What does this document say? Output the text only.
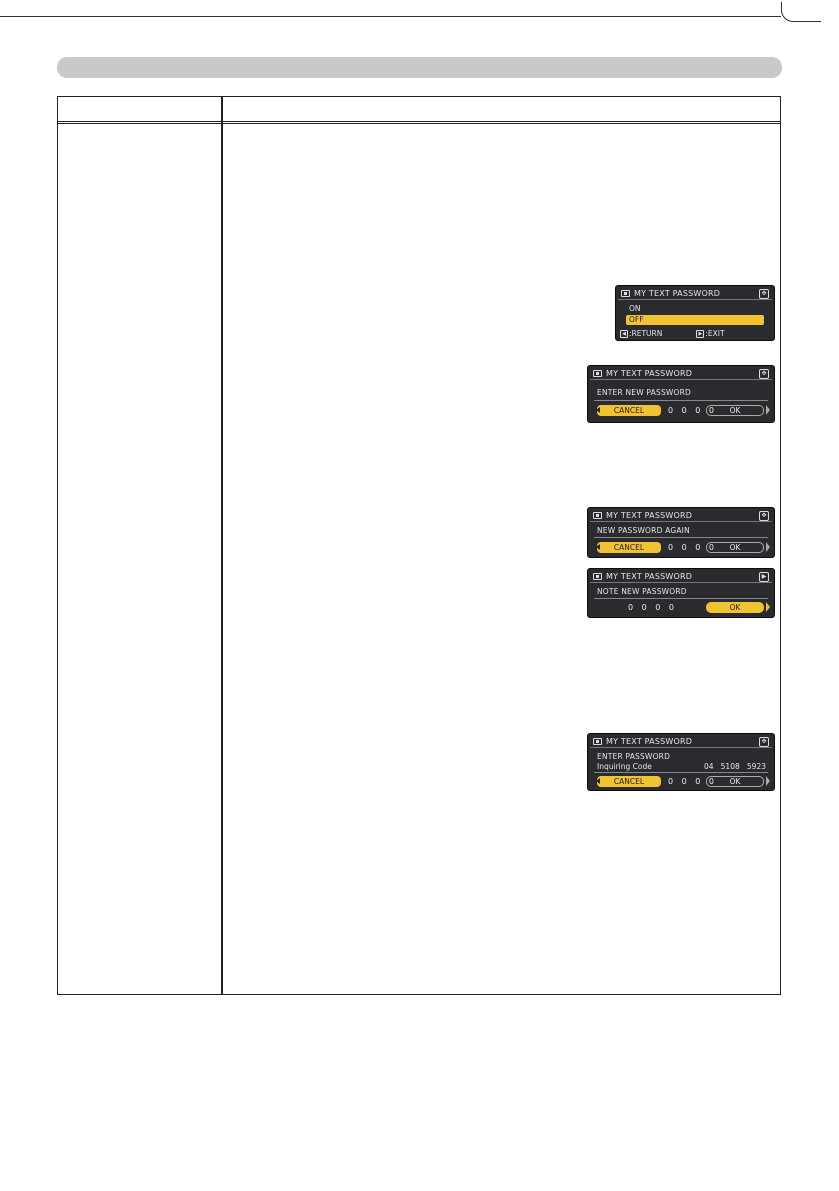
MY TEXT PASSWORD	✥
ON
OFF
◀ :RETURN	▶ :EXIT
MY TEXT PASSWORD	✥
ENTER NEW PASSWORD
CANCEL	0 0 0 0	OK
MY TEXT PASSWORD	✥
NEW PASSWORD AGAIN
CANCEL	0 0 0 0	OK
MY TEXT PASSWORD	▶
NOTE NEW PASSWORD
0 0 0 0	OK
MY TEXT PASSWORD	✥
ENTER PASSWORD
Inquiring Code	04   5108   5923
CANCEL	0 0 0 0	OK
